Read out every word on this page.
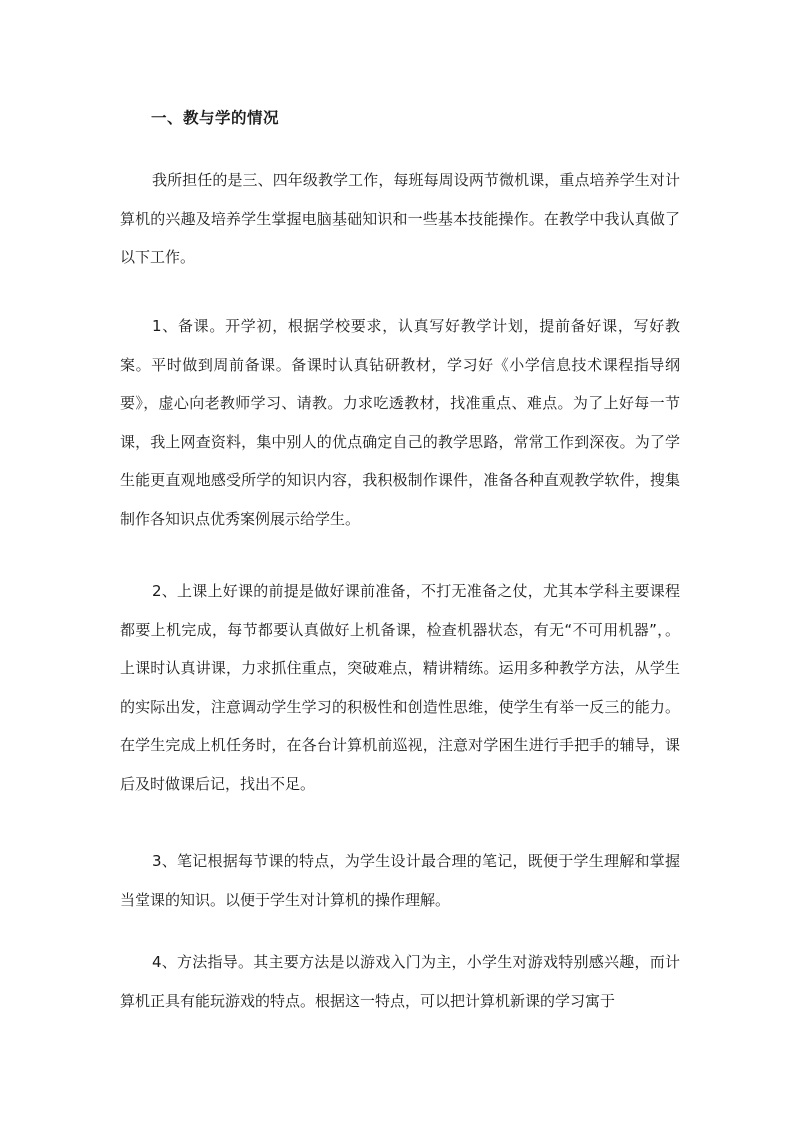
一、教与学的情况

我所担任的是三、四年级教学工作，每班每周设两节微机课，重点培养学生对计算机的兴趣及培养学生掌握电脑基础知识和一些基本技能操作。在教学中我认真做了以下工作。

1、备课。开学初，根据学校要求，认真写好教学计划，提前备好课，写好教案。平时做到周前备课。备课时认真钻研教材，学习好《小学信息技术课程指导纲要》，虚心向老教师学习、请教。力求吃透教材，找准重点、难点。为了上好每一节课，我上网查资料，集中别人的优点确定自己的教学思路，常常工作到深夜。为了学生能更直观地感受所学的知识内容，我积极制作课件，准备各种直观教学软件，搜集制作各知识点优秀案例展示给学生。

2、上课上好课的前提是做好课前准备，不打无准备之仗，尤其本学科主要课程都要上机完成，每节都要认真做好上机备课，检查机器状态，有无“不可用机器”，。上课时认真讲课，力求抓住重点，突破难点，精讲精练。运用多种教学方法，从学生的实际出发，注意调动学生学习的积极性和创造性思维，使学生有举一反三的能力。在学生完成上机任务时，在各台计算机前巡视，注意对学困生进行手把手的辅导，课后及时做课后记，找出不足。

3、笔记根据每节课的特点，为学生设计最合理的笔记，既便于学生理解和掌握当堂课的知识。以便于学生对计算机的操作理解。

4、方法指导。其主要方法是以游戏入门为主，小学生对游戏特别感兴趣，而计算机正具有能玩游戏的特点。根据这一特点，可以把计算机新课的学习寓于
